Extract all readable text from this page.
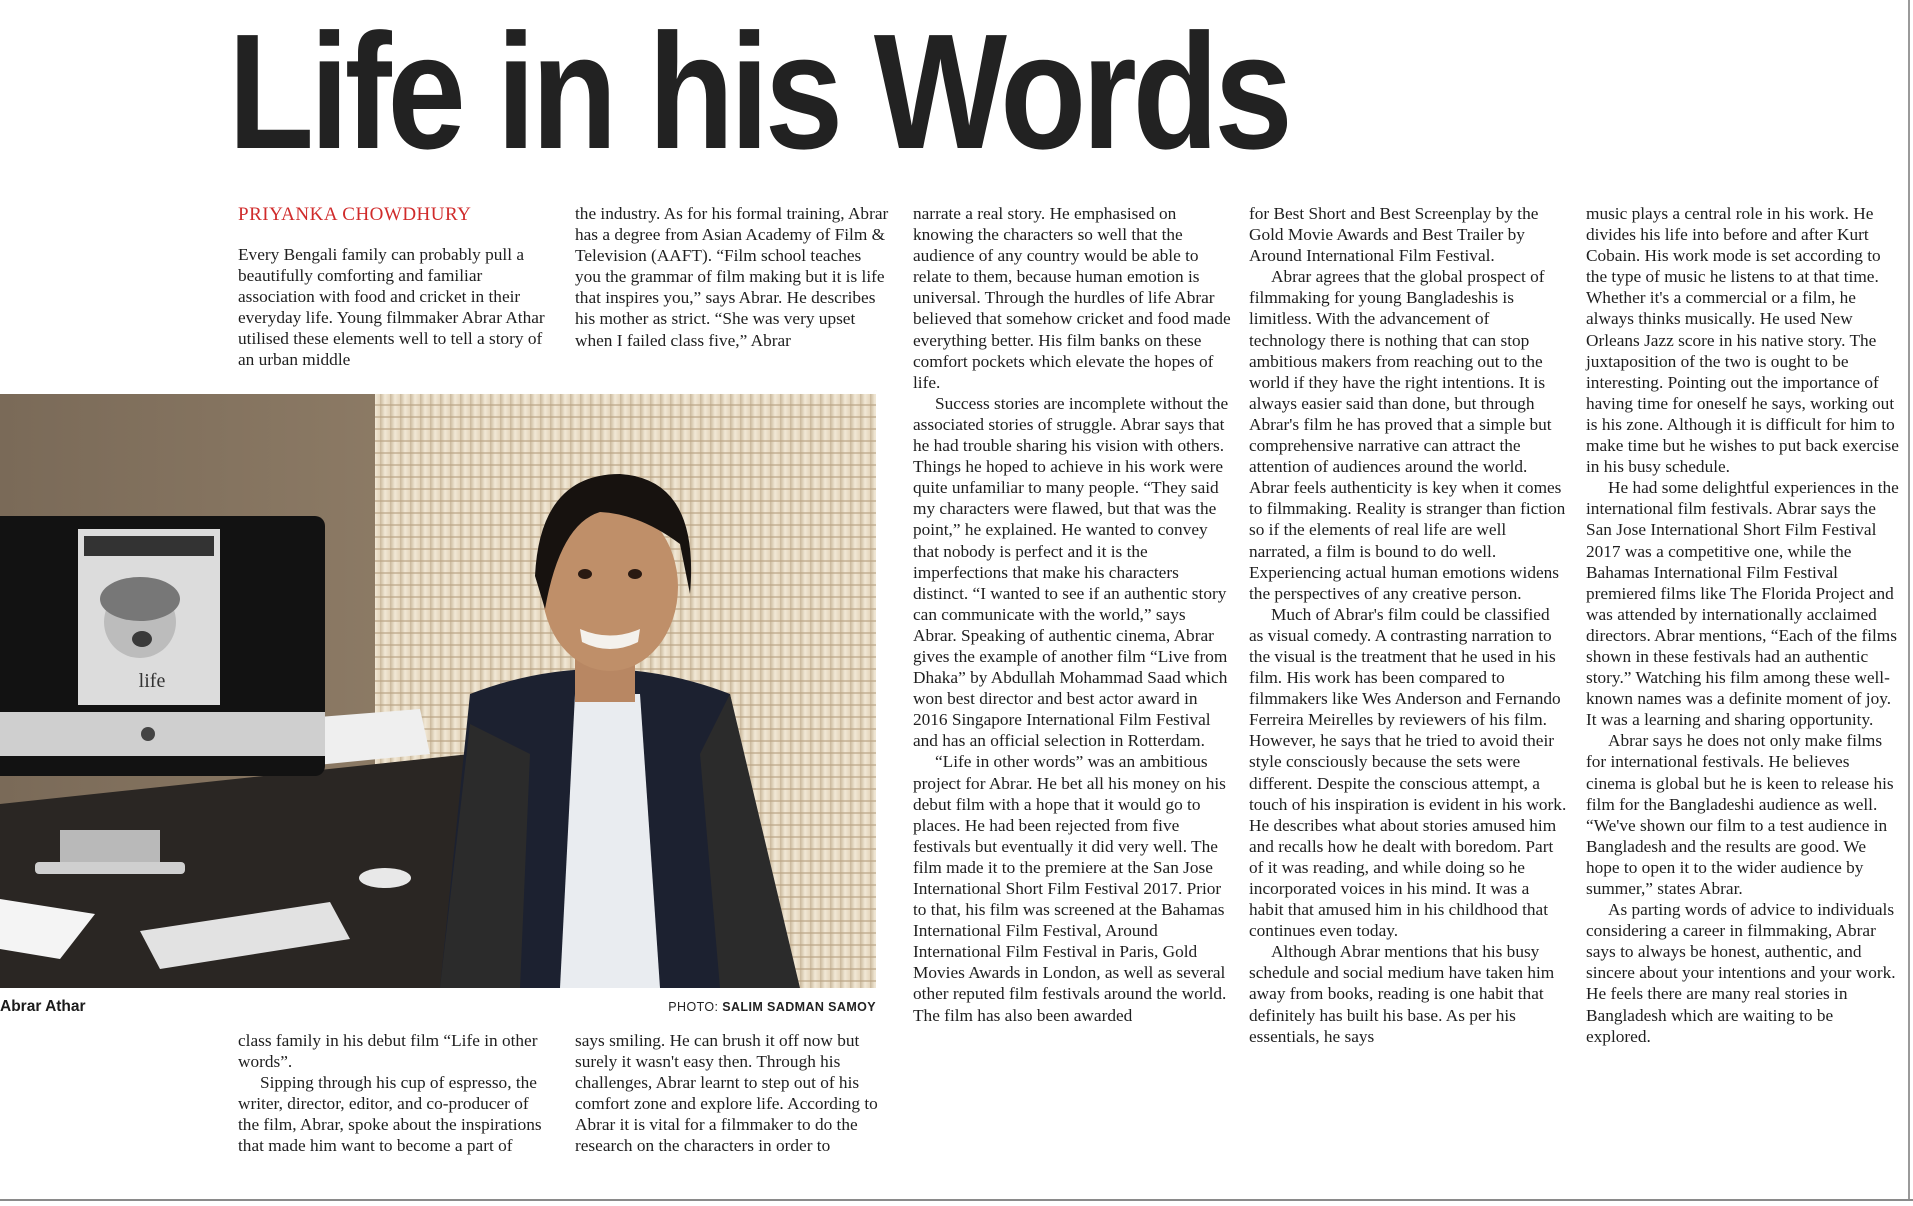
Life in his Words
PRIYANKA CHOWDHURY

Every Bengali family can probably pull a beautifully comforting and familiar association with food and cricket in their everyday life. Young filmmaker Abrar Athar utilised these elements well to tell a story of an urban middle

the industry. As for his formal training, Abrar has a degree from Asian Academy of Film & Television (AAFT). “Film school teaches you the grammar of film making but it is life that inspires you,” says Abrar. He describes his mother as strict. “She was very upset when I failed class five,” Abrar

life
Abrar Athar	PHOTO: SALIM SADMAN SAMOY

class family in his debut film “Life in other words”.

Sipping through his cup of espresso, the writer, director, editor, and co-producer of the film, Abrar, spoke about the inspirations that made him want to become a part of

says smiling. He can brush it off now but surely it wasn't easy then. Through his challenges, Abrar learnt to step out of his comfort zone and explore life. According to Abrar it is vital for a filmmaker to do the research on the characters in order to

narrate a real story. He emphasised on knowing the characters so well that the audience of any country would be able to relate to them, because human emotion is universal. Through the hurdles of life Abrar believed that somehow cricket and food made everything better. His film banks on these comfort pockets which elevate the hopes of life.

Success stories are incomplete without the associated stories of struggle. Abrar says that he had trouble sharing his vision with others. Things he hoped to achieve in his work were quite unfamiliar to many people. “They said my characters were flawed, but that was the point,” he explained. He wanted to convey that nobody is perfect and it is the imperfections that make his characters distinct. “I wanted to see if an authentic story can communicate with the world,” says Abrar. Speaking of authentic cinema, Abrar gives the example of another film “Live from Dhaka” by Abdullah Mohammad Saad which won best director and best actor award in 2016 Singapore International Film Festival and has an official selection in Rotterdam.

“Life in other words” was an ambitious project for Abrar. He bet all his money on his debut film with a hope that it would go to places. He had been rejected from five festivals but eventually it did very well. The film made it to the premiere at the San Jose International Short Film Festival 2017. Prior to that, his film was screened at the Bahamas International Film Festival, Around International Film Festival in Paris, Gold Movies Awards in London, as well as several other reputed film festivals around the world. The film has also been awarded

for Best Short and Best Screenplay by the Gold Movie Awards and Best Trailer by Around International Film Festival.

Abrar agrees that the global prospect of filmmaking for young Bangladeshis is limitless. With the advancement of technology there is nothing that can stop ambitious makers from reaching out to the world if they have the right intentions. It is always easier said than done, but through Abrar's film he has proved that a simple but comprehensive narrative can attract the attention of audiences around the world. Abrar feels authenticity is key when it comes to filmmaking. Reality is stranger than fiction so if the elements of real life are well narrated, a film is bound to do well. Experiencing actual human emotions widens the perspectives of any creative person.

Much of Abrar's film could be classified as visual comedy. A contrasting narration to the visual is the treatment that he used in his film. His work has been compared to filmmakers like Wes Anderson and Fernando Ferreira Meirelles by reviewers of his film. However, he says that he tried to avoid their style consciously because the sets were different. Despite the conscious attempt, a touch of his inspiration is evident in his work. He describes what about stories amused him and recalls how he dealt with boredom. Part of it was reading, and while doing so he incorporated voices in his mind. It was a habit that amused him in his childhood that continues even today.

Although Abrar mentions that his busy schedule and social medium have taken him away from books, reading is one habit that definitely has built his base. As per his essentials, he says

music plays a central role in his work. He divides his life into before and after Kurt Cobain. His work mode is set according to the type of music he listens to at that time. Whether it's a commercial or a film, he always thinks musically. He used New Orleans Jazz score in his native story. The juxtaposition of the two is ought to be interesting. Pointing out the importance of having time for oneself he says, working out is his zone. Although it is difficult for him to make time but he wishes to put back exercise in his busy schedule.

He had some delightful experiences in the international film festivals. Abrar says the San Jose International Short Film Festival 2017 was a competitive one, while the Bahamas International Film Festival premiered films like The Florida Project and was attended by internationally acclaimed directors. Abrar mentions, “Each of the films shown in these festivals had an authentic story.” Watching his film among these well-known names was a definite moment of joy. It was a learning and sharing opportunity.

Abrar says he does not only make films for international festivals. He believes cinema is global but he is keen to release his film for the Bangladeshi audience as well. “We've shown our film to a test audience in Bangladesh and the results are good. We hope to open it to the wider audience by summer,” states Abrar.

As parting words of advice to individuals considering a career in filmmaking, Abrar says to always be honest, authentic, and sincere about your intentions and your work. He feels there are many real stories in Bangladesh which are waiting to be explored.
